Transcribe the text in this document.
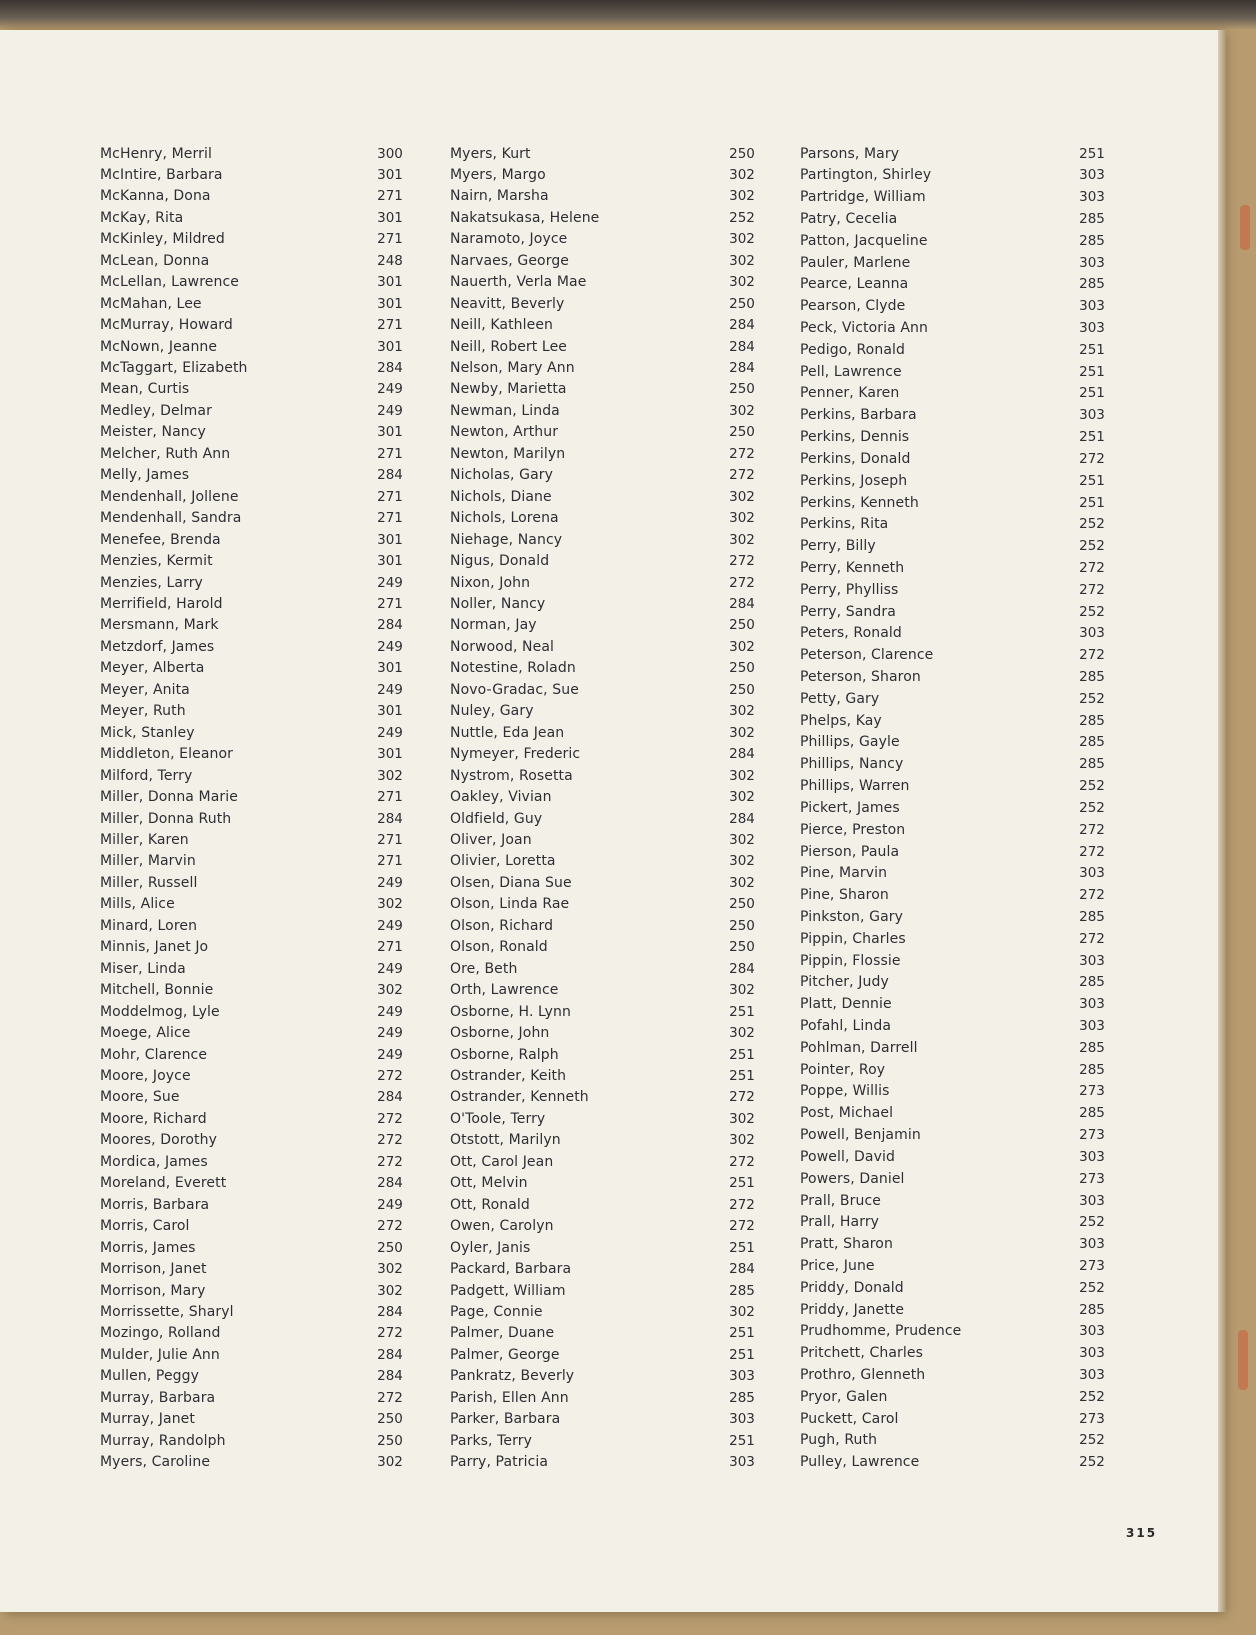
McHenry, Merril	300
McIntire, Barbara	301
McKanna, Dona	271
McKay, Rita	301
McKinley, Mildred	271
McLean, Donna	248
McLellan, Lawrence	301
McMahan, Lee	301
McMurray, Howard	271
McNown, Jeanne	301
McTaggart, Elizabeth	284
Mean, Curtis	249
Medley, Delmar	249
Meister, Nancy	301
Melcher, Ruth Ann	271
Melly, James	284
Mendenhall, Jollene	271
Mendenhall, Sandra	271
Menefee, Brenda	301
Menzies, Kermit	301
Menzies, Larry	249
Merrifield, Harold	271
Mersmann, Mark	284
Metzdorf, James	249
Meyer, Alberta	301
Meyer, Anita	249
Meyer, Ruth	301
Mick, Stanley	249
Middleton, Eleanor	301
Milford, Terry	302
Miller, Donna Marie	271
Miller, Donna Ruth	284
Miller, Karen	271
Miller, Marvin	271
Miller, Russell	249
Mills, Alice	302
Minard, Loren	249
Minnis, Janet Jo	271
Miser, Linda	249
Mitchell, Bonnie	302
Moddelmog, Lyle	249
Moege, Alice	249
Mohr, Clarence	249
Moore, Joyce	272
Moore, Sue	284
Moore, Richard	272
Moores, Dorothy	272
Mordica, James	272
Moreland, Everett	284
Morris, Barbara	249
Morris, Carol	272
Morris, James	250
Morrison, Janet	302
Morrison, Mary	302
Morrissette, Sharyl	284
Mozingo, Rolland	272
Mulder, Julie Ann	284
Mullen, Peggy	284
Murray, Barbara	272
Murray, Janet	250
Murray, Randolph	250
Myers, Caroline	302
Myers, Kurt	250
Myers, Margo	302
Nairn, Marsha	302
Nakatsukasa, Helene	252
Naramoto, Joyce	302
Narvaes, George	302
Nauerth, Verla Mae	302
Neavitt, Beverly	250
Neill, Kathleen	284
Neill, Robert Lee	284
Nelson, Mary Ann	284
Newby, Marietta	250
Newman, Linda	302
Newton, Arthur	250
Newton, Marilyn	272
Nicholas, Gary	272
Nichols, Diane	302
Nichols, Lorena	302
Niehage, Nancy	302
Nigus, Donald	272
Nixon, John	272
Noller, Nancy	284
Norman, Jay	250
Norwood, Neal	302
Notestine, Roladn	250
Novo-Gradac, Sue	250
Nuley, Gary	302
Nuttle, Eda Jean	302
Nymeyer, Frederic	284
Nystrom, Rosetta	302
Oakley, Vivian	302
Oldfield, Guy	284
Oliver, Joan	302
Olivier, Loretta	302
Olsen, Diana Sue	302
Olson, Linda Rae	250
Olson, Richard	250
Olson, Ronald	250
Ore, Beth	284
Orth, Lawrence	302
Osborne, H. Lynn	251
Osborne, John	302
Osborne, Ralph	251
Ostrander, Keith	251
Ostrander, Kenneth	272
O'Toole, Terry	302
Otstott, Marilyn	302
Ott, Carol Jean	272
Ott, Melvin	251
Ott, Ronald	272
Owen, Carolyn	272
Oyler, Janis	251
Packard, Barbara	284
Padgett, William	285
Page, Connie	302
Palmer, Duane	251
Palmer, George	251
Pankratz, Beverly	303
Parish, Ellen Ann	285
Parker, Barbara	303
Parks, Terry	251
Parry, Patricia	303
Parsons, Mary	251
Partington, Shirley	303
Partridge, William	303
Patry, Cecelia	285
Patton, Jacqueline	285
Pauler, Marlene	303
Pearce, Leanna	285
Pearson, Clyde	303
Peck, Victoria Ann	303
Pedigo, Ronald	251
Pell, Lawrence	251
Penner, Karen	251
Perkins, Barbara	303
Perkins, Dennis	251
Perkins, Donald	272
Perkins, Joseph	251
Perkins, Kenneth	251
Perkins, Rita	252
Perry, Billy	252
Perry, Kenneth	272
Perry, Phylliss	272
Perry, Sandra	252
Peters, Ronald	303
Peterson, Clarence	272
Peterson, Sharon	285
Petty, Gary	252
Phelps, Kay	285
Phillips, Gayle	285
Phillips, Nancy	285
Phillips, Warren	252
Pickert, James	252
Pierce, Preston	272
Pierson, Paula	272
Pine, Marvin	303
Pine, Sharon	272
Pinkston, Gary	285
Pippin, Charles	272
Pippin, Flossie	303
Pitcher, Judy	285
Platt, Dennie	303
Pofahl, Linda	303
Pohlman, Darrell	285
Pointer, Roy	285
Poppe, Willis	273
Post, Michael	285
Powell, Benjamin	273
Powell, David	303
Powers, Daniel	273
Prall, Bruce	303
Prall, Harry	252
Pratt, Sharon	303
Price, June	273
Priddy, Donald	252
Priddy, Janette	285
Prudhomme, Prudence	303
Pritchett, Charles	303
Prothro, Glenneth	303
Pryor, Galen	252
Puckett, Carol	273
Pugh, Ruth	252
Pulley, Lawrence	252
315
